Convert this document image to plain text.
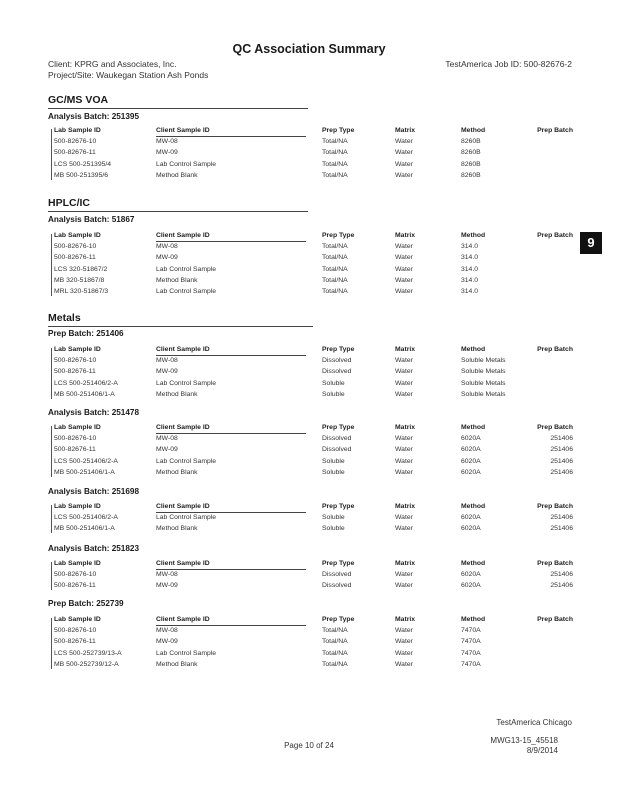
QC Association Summary
Client: KPRG and Associates, Inc.
Project/Site: Waukegan Station Ash Ponds
TestAmerica Job ID: 500-82676-2
9
GC/MS VOA
Analysis Batch: 251395
Lab Sample ID	Client Sample ID	Prep Type	Matrix	Method	Prep Batch
500-82676-10	MW-08	Total/NA	Water	8260B
500-82676-11	MW-09	Total/NA	Water	8260B
LCS 500-251395/4	Lab Control Sample	Total/NA	Water	8260B
MB 500-251395/6	Method Blank	Total/NA	Water	8260B
HPLC/IC
Analysis Batch: 51867
Lab Sample ID	Client Sample ID	Prep Type	Matrix	Method	Prep Batch
500-82676-10	MW-08	Total/NA	Water	314.0
500-82676-11	MW-09	Total/NA	Water	314.0
LCS 320-51867/2	Lab Control Sample	Total/NA	Water	314.0
MB 320-51867/8	Method Blank	Total/NA	Water	314.0
MRL 320-51867/3	Lab Control Sample	Total/NA	Water	314.0
Metals
Prep Batch: 251406
Lab Sample ID	Client Sample ID	Prep Type	Matrix	Method	Prep Batch
500-82676-10	MW-08	Dissolved	Water	Soluble Metals
500-82676-11	MW-09	Dissolved	Water	Soluble Metals
LCS 500-251406/2-A	Lab Control Sample	Soluble	Water	Soluble Metals
MB 500-251406/1-A	Method Blank	Soluble	Water	Soluble Metals
Analysis Batch: 251478
Lab Sample ID	Client Sample ID	Prep Type	Matrix	Method	Prep Batch
500-82676-10	MW-08	Dissolved	Water	6020A	251406
500-82676-11	MW-09	Dissolved	Water	6020A	251406
LCS 500-251406/2-A	Lab Control Sample	Soluble	Water	6020A	251406
MB 500-251406/1-A	Method Blank	Soluble	Water	6020A	251406
Analysis Batch: 251698
Lab Sample ID	Client Sample ID	Prep Type	Matrix	Method	Prep Batch
LCS 500-251406/2-A	Lab Control Sample	Soluble	Water	6020A	251406
MB 500-251406/1-A	Method Blank	Soluble	Water	6020A	251406
Analysis Batch: 251823
Lab Sample ID	Client Sample ID	Prep Type	Matrix	Method	Prep Batch
500-82676-10	MW-08	Dissolved	Water	6020A	251406
500-82676-11	MW-09	Dissolved	Water	6020A	251406
Prep Batch: 252739
Lab Sample ID	Client Sample ID	Prep Type	Matrix	Method	Prep Batch
500-82676-10	MW-08	Total/NA	Water	7470A
500-82676-11	MW-09	Total/NA	Water	7470A
LCS 500-252739/13-A	Lab Control Sample	Total/NA	Water	7470A
MB 500-252739/12-A	Method Blank	Total/NA	Water	7470A
TestAmerica Chicago
Page 10 of 24
MWG13-15_45518
8/9/2014
